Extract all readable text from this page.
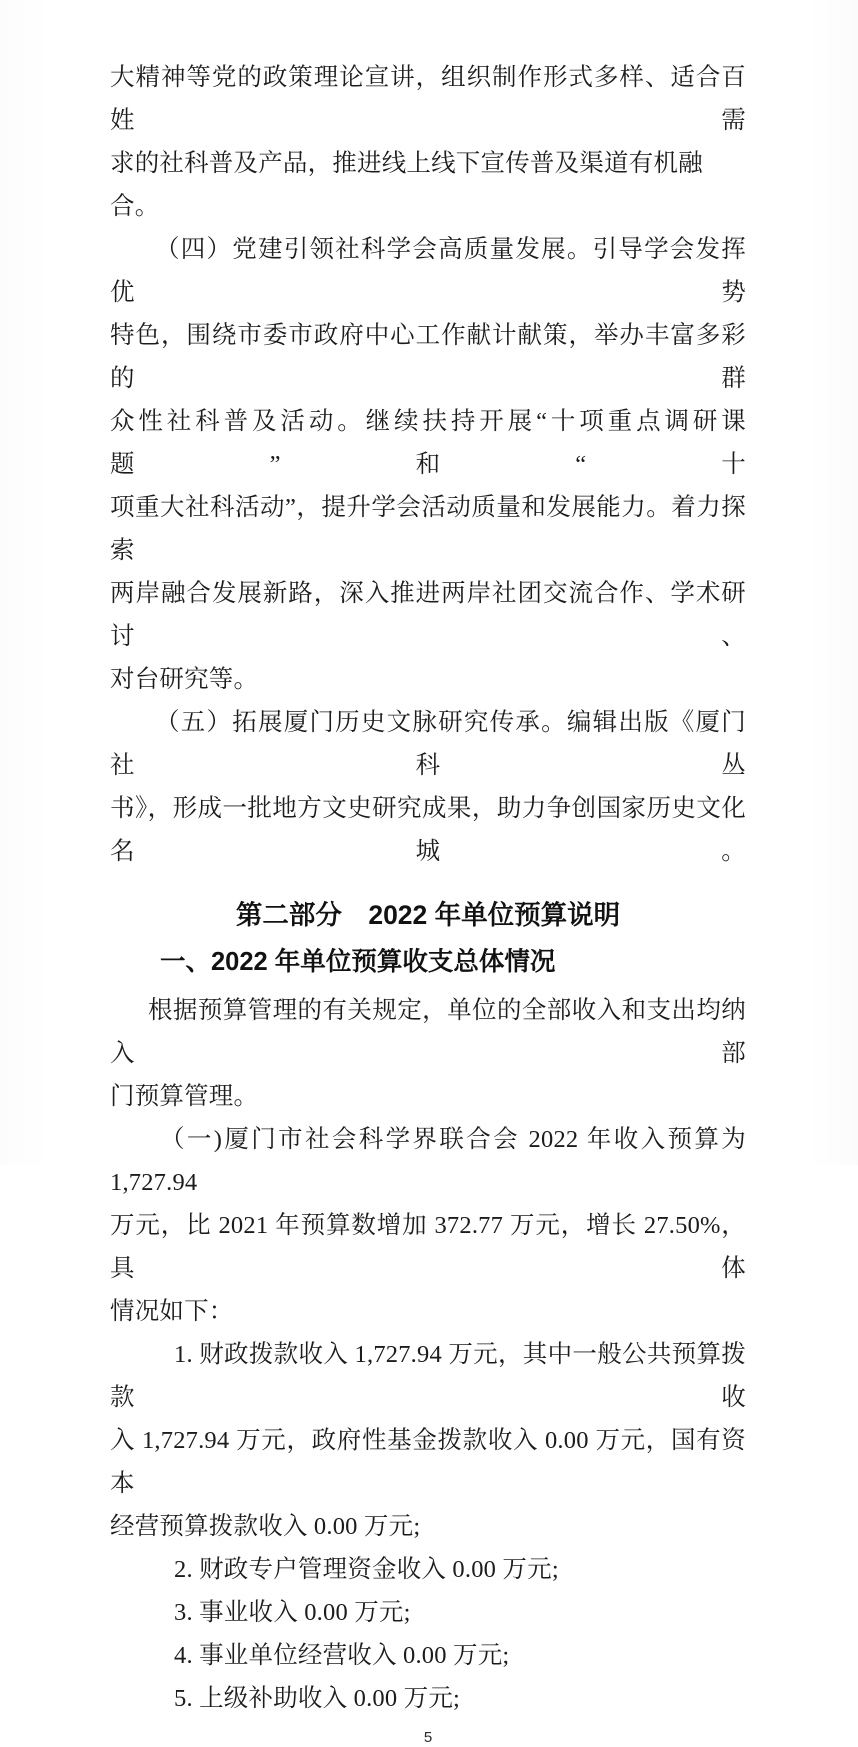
大精神等党的政策理论宣讲，组织制作形式多样、适合百姓需
求的社科普及产品，推进线上线下宣传普及渠道有机融合。
（四）党建引领社科学会高质量发展。引导学会发挥优势
特色，围绕市委市政府中心工作献计献策，举办丰富多彩的群
众性社科普及活动。继续扶持开展“十项重点调研课题”和“十
项重大社科活动”，提升学会活动质量和发展能力。着力探索
两岸融合发展新路，深入推进两岸社团交流合作、学术研讨、
对台研究等。
（五）拓展厦门历史文脉研究传承。编辑出版《厦门社科丛
书》，形成一批地方文史研究成果，助力争创国家历史文化名城。
第二部分　2022 年单位预算说明
一、2022 年单位预算收支总体情况
根据预算管理的有关规定，单位的全部收入和支出均纳入部
门预算管理。
（一)厦门市社会科学界联合会 2022 年收入预算为 1,727.94
万元，比 2021 年预算数增加 372.77 万元，增长 27.50%，具体
情况如下：
1. 财政拨款收入 1,727.94 万元，其中一般公共预算拨款收
入 1,727.94 万元，政府性基金拨款收入 0.00 万元，国有资本
经营预算拨款收入 0.00 万元;
2. 财政专户管理资金收入 0.00 万元;
3. 事业收入 0.00 万元;
4. 事业单位经营收入 0.00 万元;
5. 上级补助收入 0.00 万元;
5
